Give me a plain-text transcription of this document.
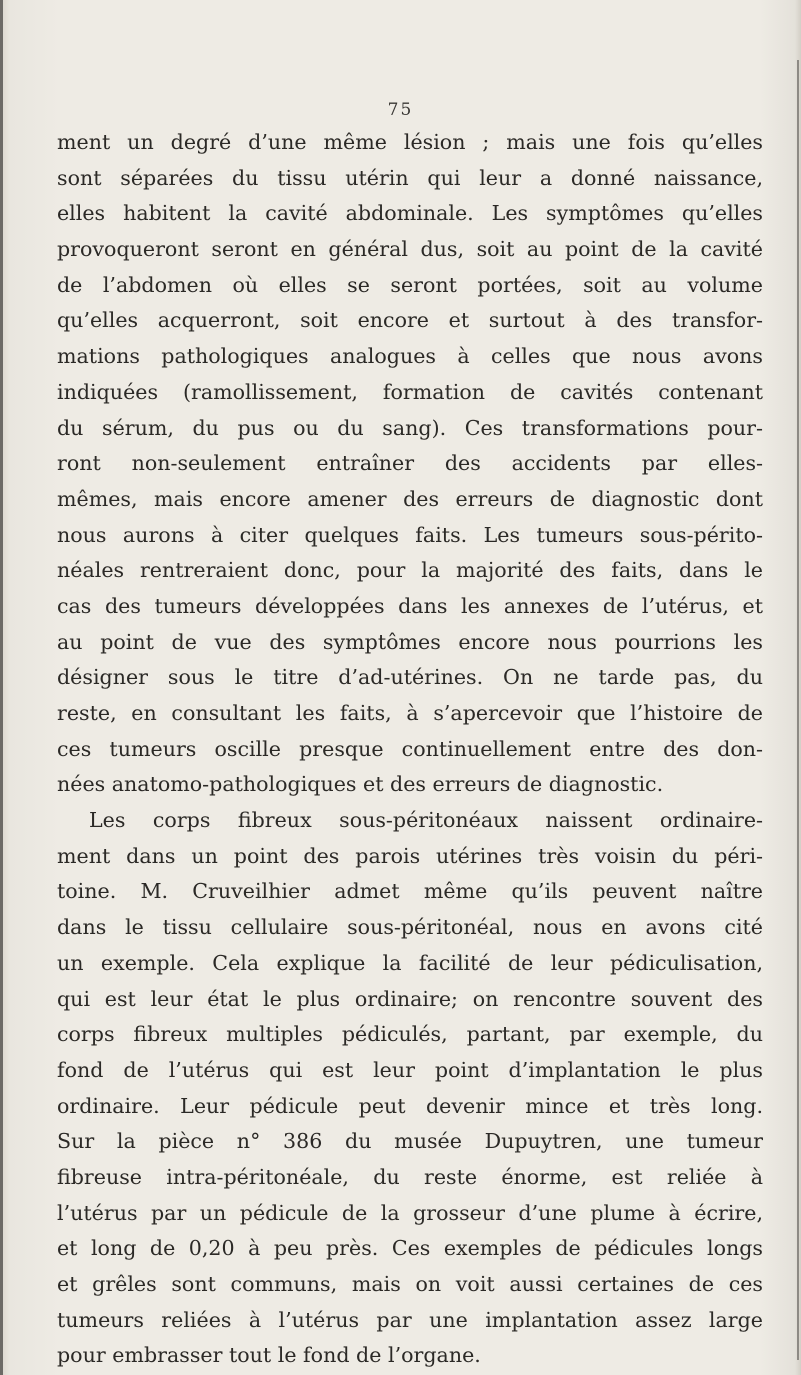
75
ment un degré d’une même lésion ; mais une fois qu’elles
sont séparées du tissu utérin qui leur a donné naissance,
elles habitent la cavité abdominale. Les symptômes qu’elles
provoqueront seront en général dus, soit au point de la cavité
de l’abdomen où elles se seront portées, soit au volume
qu’elles acquerront, soit encore et surtout à des transfor-
mations pathologiques analogues à celles que nous avons
indiquées (ramollissement, formation de cavités contenant
du sérum, du pus ou du sang). Ces transformations pour-
ront non-seulement entraîner des accidents par elles-
mêmes, mais encore amener des erreurs de diagnostic dont
nous aurons à citer quelques faits. Les tumeurs sous-périto-
néales rentreraient donc, pour la majorité des faits, dans le
cas des tumeurs développées dans les annexes de l’utérus, et
au point de vue des symptômes encore nous pourrions les
désigner sous le titre d’ad-utérines. On ne tarde pas, du
reste, en consultant les faits, à s’apercevoir que l’histoire de
ces tumeurs oscille presque continuellement entre des don-
nées anatomo-pathologiques et des erreurs de diagnostic.
Les corps fibreux sous-péritonéaux naissent ordinaire-
ment dans un point des parois utérines très voisin du péri-
toine. M. Cruveilhier admet même qu’ils peuvent naître
dans le tissu cellulaire sous-péritonéal, nous en avons cité
un exemple. Cela explique la facilité de leur pédiculisation,
qui est leur état le plus ordinaire; on rencontre souvent des
corps fibreux multiples pédiculés, partant, par exemple, du
fond de l’utérus qui est leur point d’implantation le plus
ordinaire. Leur pédicule peut devenir mince et très long.
Sur la pièce n° 386 du musée Dupuytren, une tumeur
fibreuse intra-péritonéale, du reste énorme, est reliée à
l’utérus par un pédicule de la grosseur d’une plume à écrire,
et long de 0,20 à peu près. Ces exemples de pédicules longs
et grêles sont communs, mais on voit aussi certaines de ces
tumeurs reliées à l’utérus par une implantation assez large
pour embrasser tout le fond de l’organe.
